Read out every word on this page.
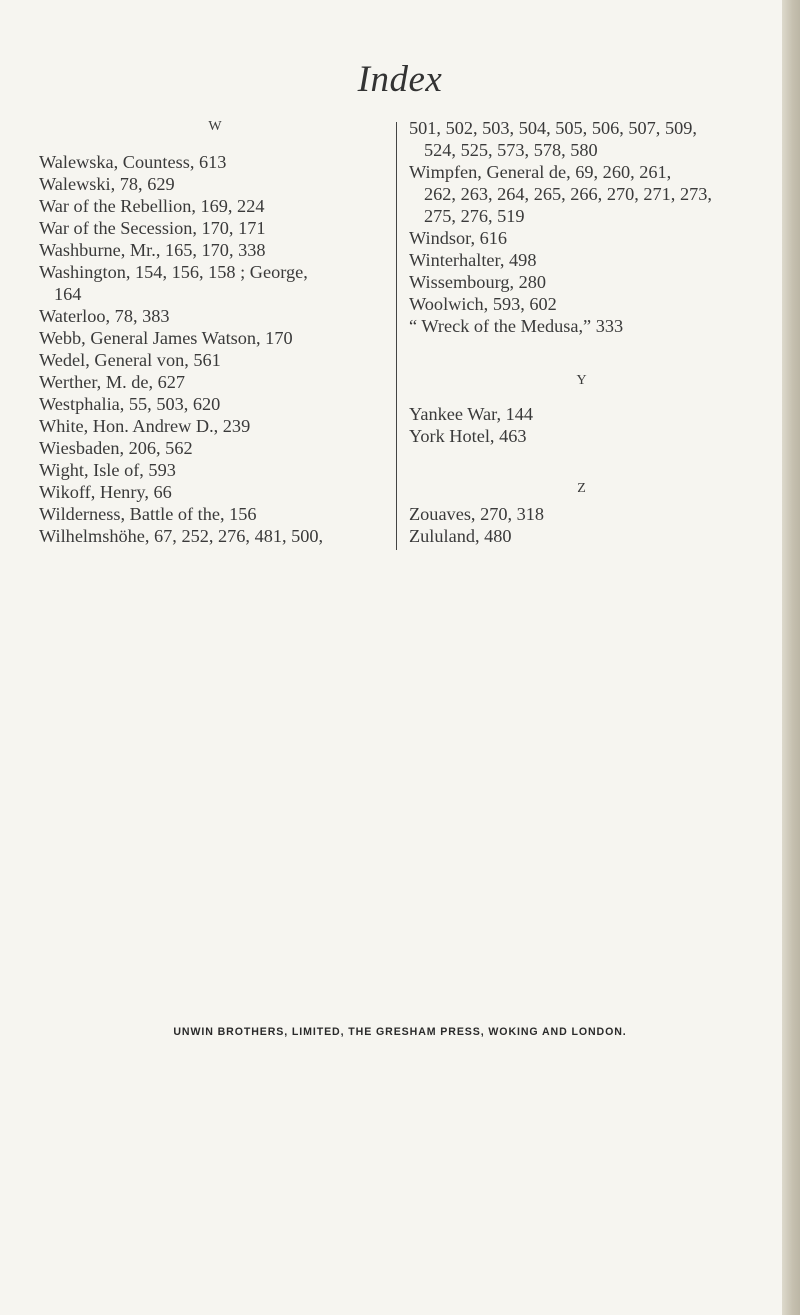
Index
W
Walewska, Countess, 613
Walewski, 78, 629
War of the Rebellion, 169, 224
War of the Secession, 170, 171
Washburne, Mr., 165, 170, 338
Washington, 154, 156, 158 ; George,
164
Waterloo, 78, 383
Webb, General James Watson, 170
Wedel, General von, 561
Werther, M. de, 627
Westphalia, 55, 503, 620
White, Hon. Andrew D., 239
Wiesbaden, 206, 562
Wight, Isle of, 593
Wikoff, Henry, 66
Wilderness, Battle of the, 156
Wilhelmshöhe, 67, 252, 276, 481, 500,
501, 502, 503, 504, 505, 506, 507, 509,
524, 525, 573, 578, 580
Wimpfen, General de, 69, 260, 261,
262, 263, 264, 265, 266, 270, 271, 273,
275, 276, 519
Windsor, 616
Winterhalter, 498
Wissembourg, 280
Woolwich, 593, 602
“ Wreck of the Medusa,” 333
Y
Yankee War, 144
York Hotel, 463
Z
Zouaves, 270, 318
Zululand, 480
UNWIN BROTHERS, LIMITED, THE GRESHAM PRESS, WOKING AND LONDON.
